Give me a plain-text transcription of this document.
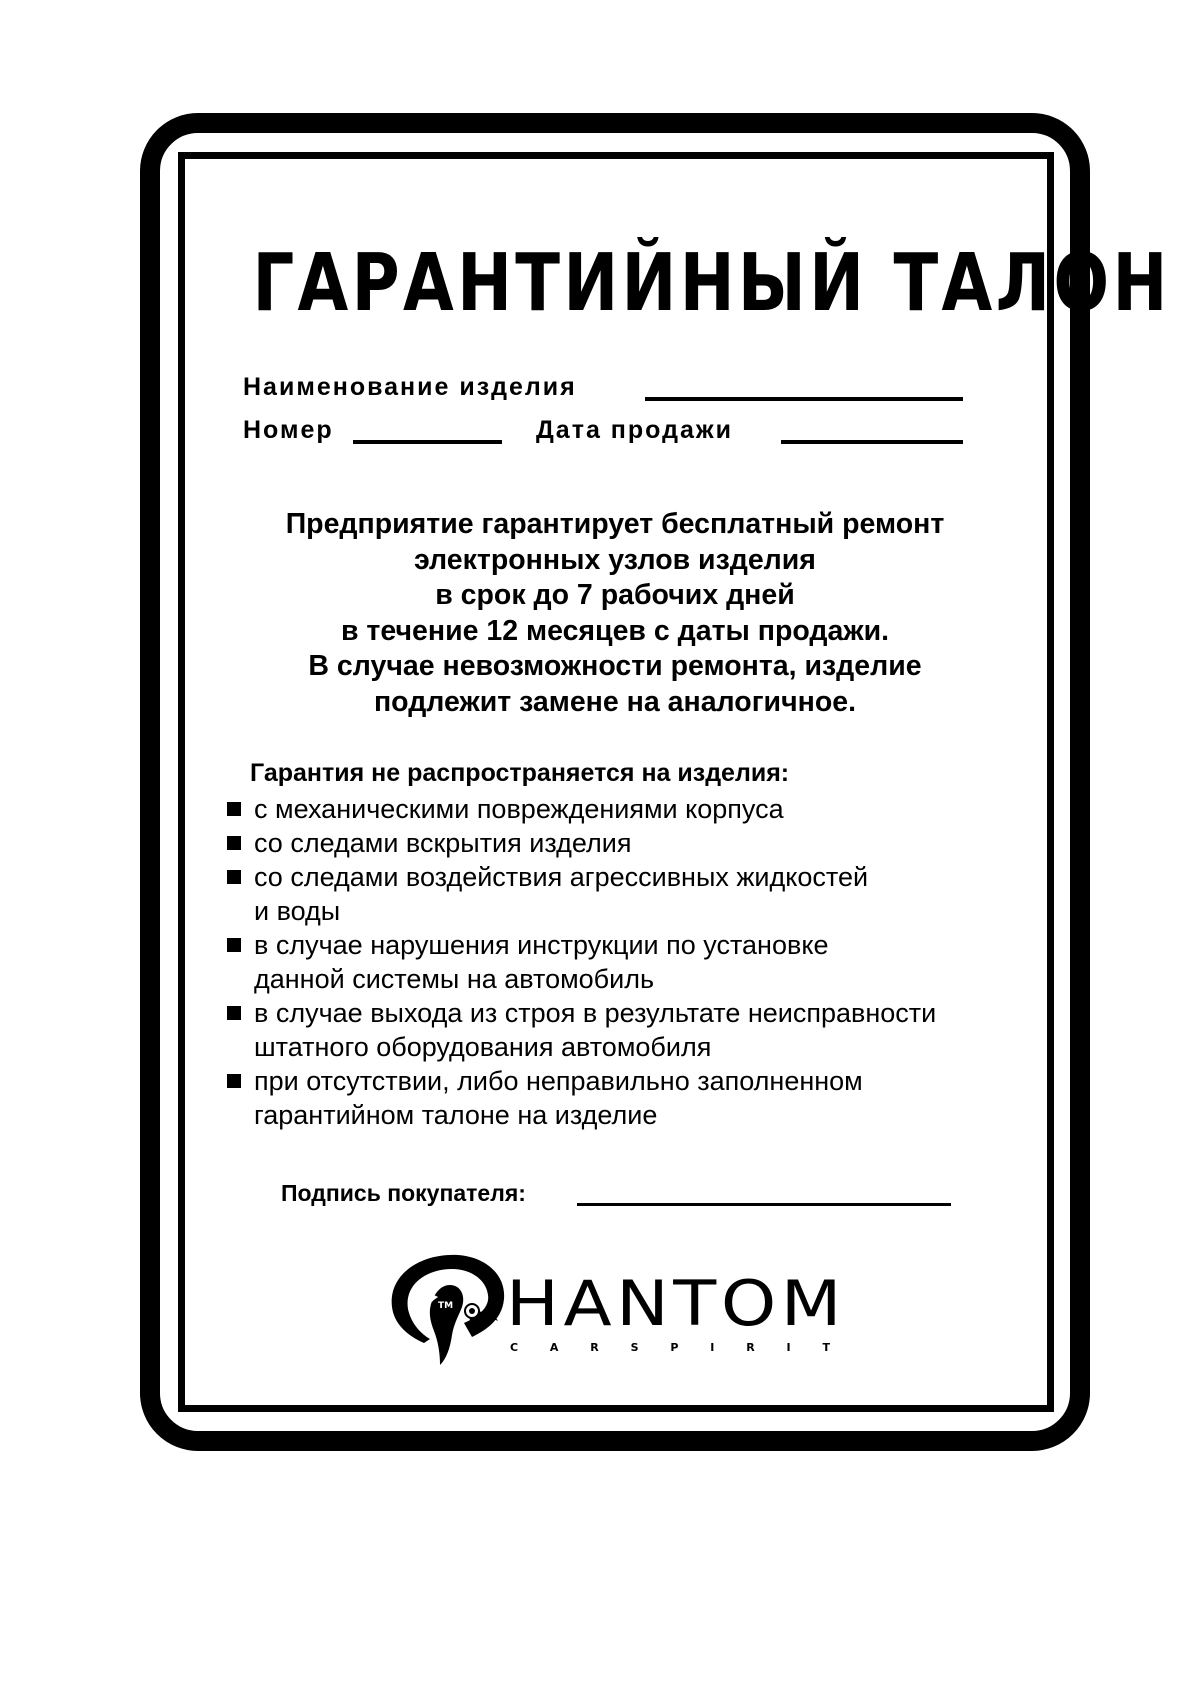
ГАРАНТИЙНЫЙ ТАЛОН
Наименование изделия
Номер	Дата продажи

Предприятие гарантирует бесплатный ремонт
электронных узлов изделия
в срок до 7 рабочих дней
в течение 12 месяцев с даты продажи.
В случае невозможности ремонта, изделие
подлежит замене на аналогичное.

Гарантия не распространяется на изделия:

с механическими повреждениями корпуса
со следами вскрытия изделия
со следами воздействия агрессивных жидкостей
и воды
в случае нарушения инструкции по установке
данной системы на автомобиль
в случае выхода из строя в результате неисправности
штатного оборудования автомобиля
при отсутствии, либо неправильно заполненном
гарантийном талоне на изделие
Подпись покупателя:
TM HANTOM
C A R S P I R I T
